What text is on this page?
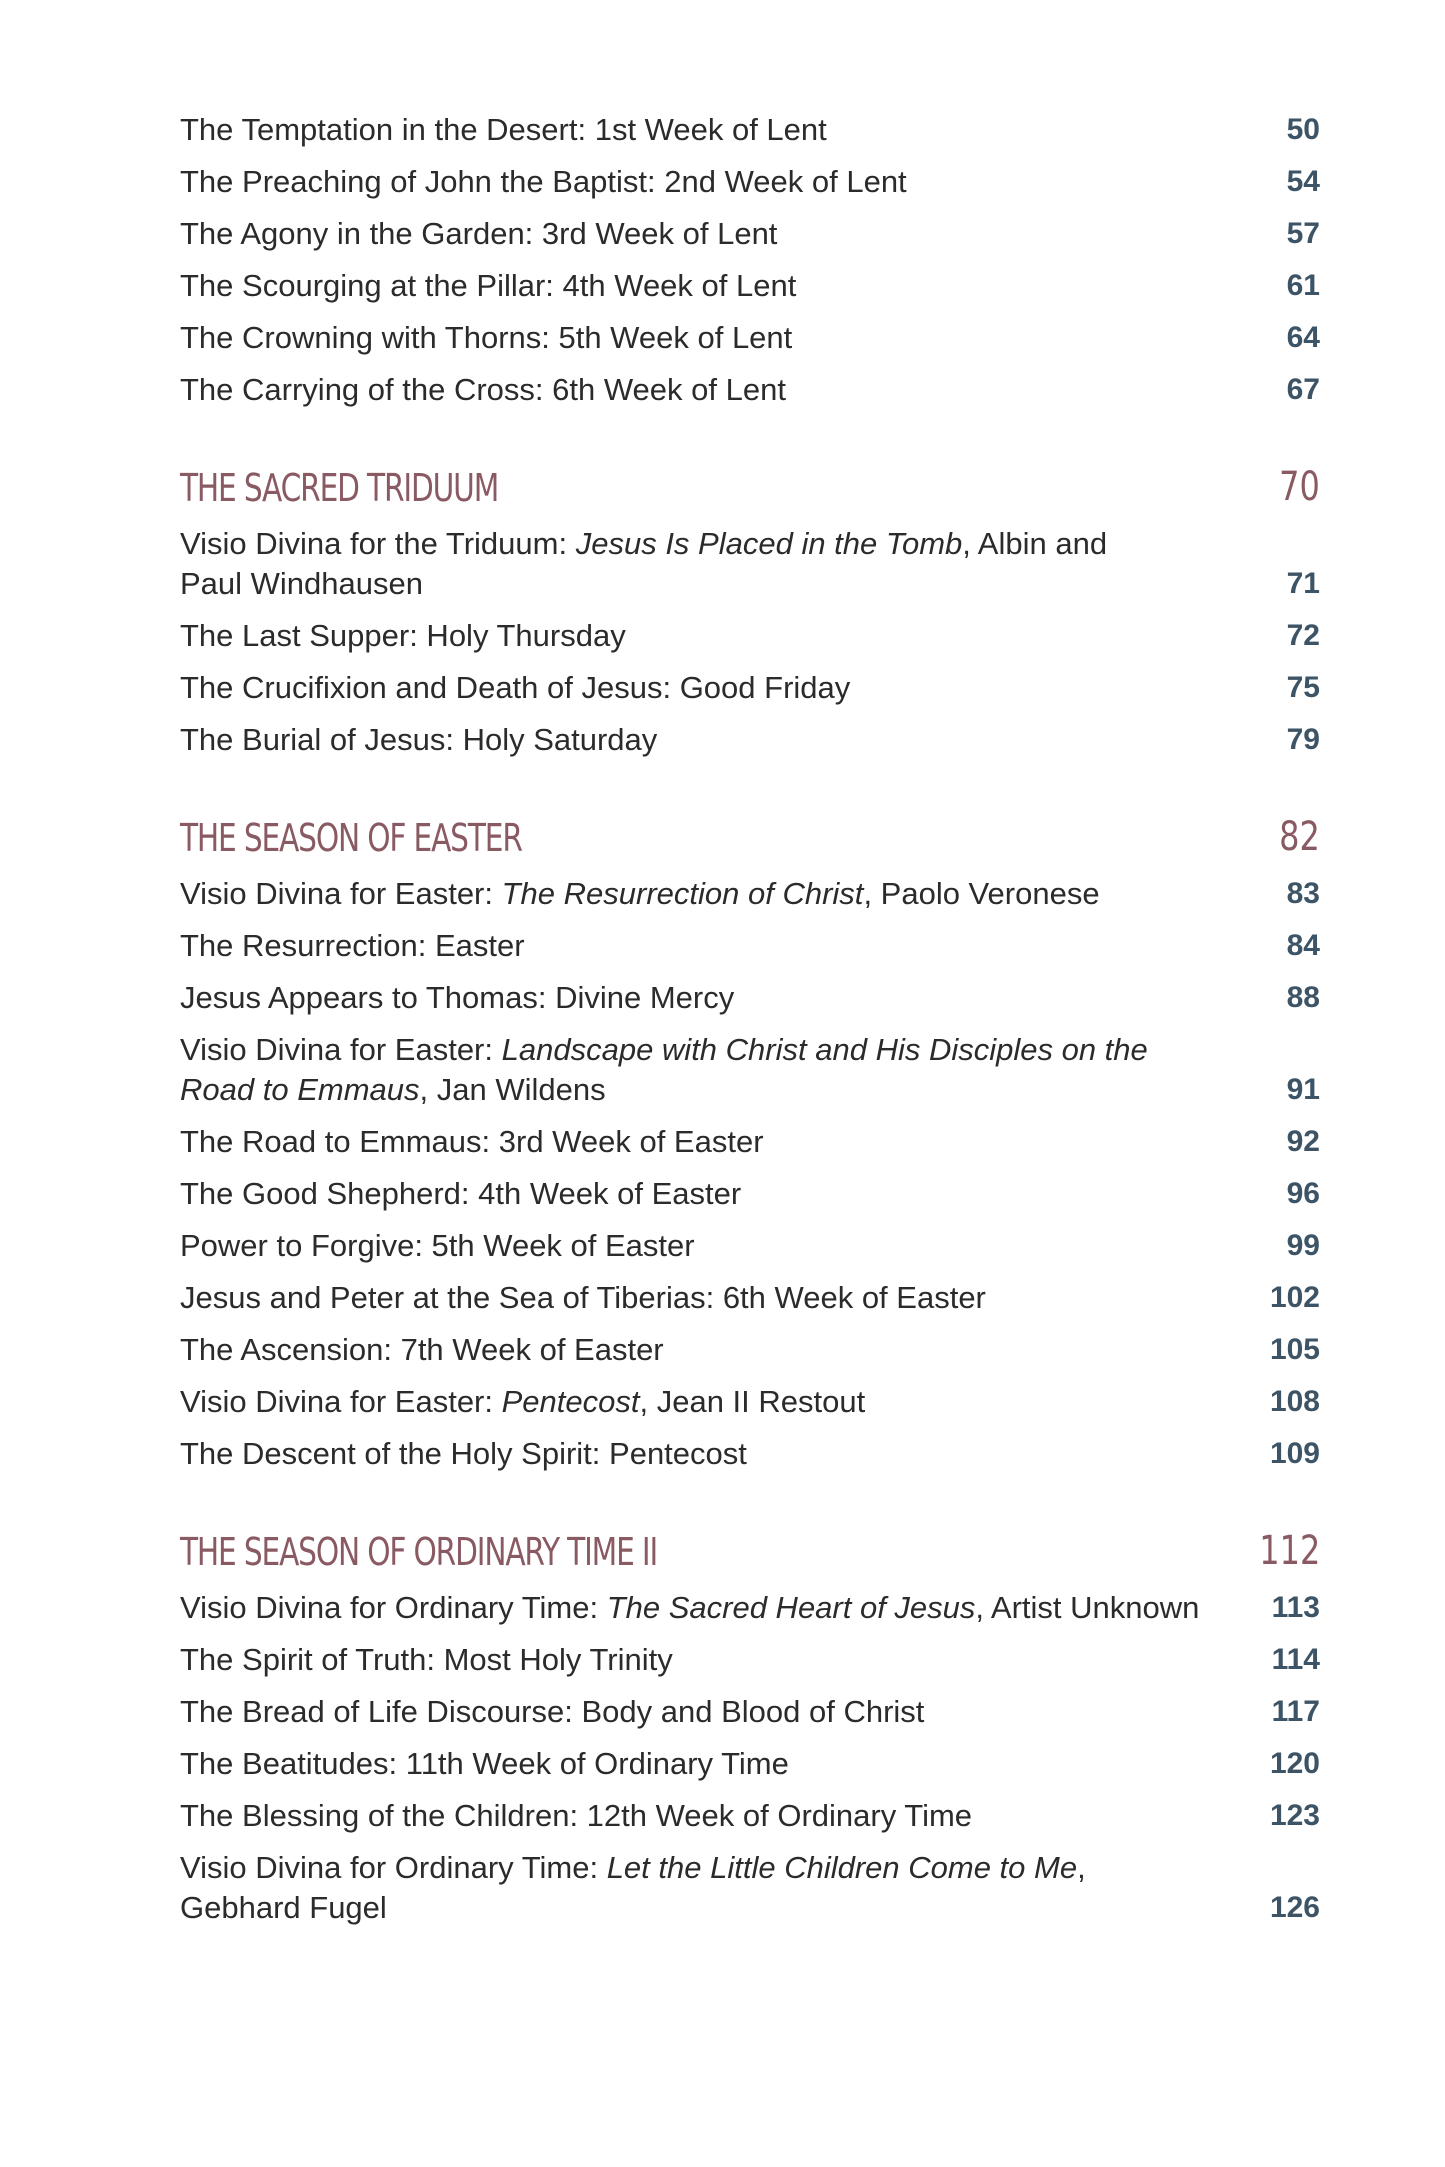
The Temptation in the Desert: 1st Week of Lent	50
The Preaching of John the Baptist: 2nd Week of Lent	54
The Agony in the Garden: 3rd Week of Lent	57
The Scourging at the Pillar: 4th Week of Lent	61
The Crowning with Thorns: 5th Week of Lent	64
The Carrying of the Cross: 6th Week of Lent	67
THE SACRED TRIDUUM	70
Visio Divina for the Triduum: Jesus Is Placed in the Tomb, Albin and
Paul Windhausen	71
The Last Supper: Holy Thursday	72
The Crucifixion and Death of Jesus: Good Friday	75
The Burial of Jesus: Holy Saturday	79
THE SEASON OF EASTER	82
Visio Divina for Easter: The Resurrection of Christ, Paolo Veronese	83
The Resurrection: Easter	84
Jesus Appears to Thomas: Divine Mercy	88
Visio Divina for Easter: Landscape with Christ and His Disciples on the
Road to Emmaus, Jan Wildens	91
The Road to Emmaus: 3rd Week of Easter	92
The Good Shepherd: 4th Week of Easter	96
Power to Forgive: 5th Week of Easter	99
Jesus and Peter at the Sea of Tiberias: 6th Week of Easter	102
The Ascension: 7th Week of Easter	105
Visio Divina for Easter: Pentecost, Jean II Restout	108
The Descent of the Holy Spirit: Pentecost	109
THE SEASON OF ORDINARY TIME II	112
Visio Divina for Ordinary Time: The Sacred Heart of Jesus, Artist Unknown	113
The Spirit of Truth: Most Holy Trinity	114
The Bread of Life Discourse: Body and Blood of Christ	117
The Beatitudes: 11th Week of Ordinary Time	120
The Blessing of the Children: 12th Week of Ordinary Time	123
Visio Divina for Ordinary Time: Let the Little Children Come to Me,
Gebhard Fugel	126
